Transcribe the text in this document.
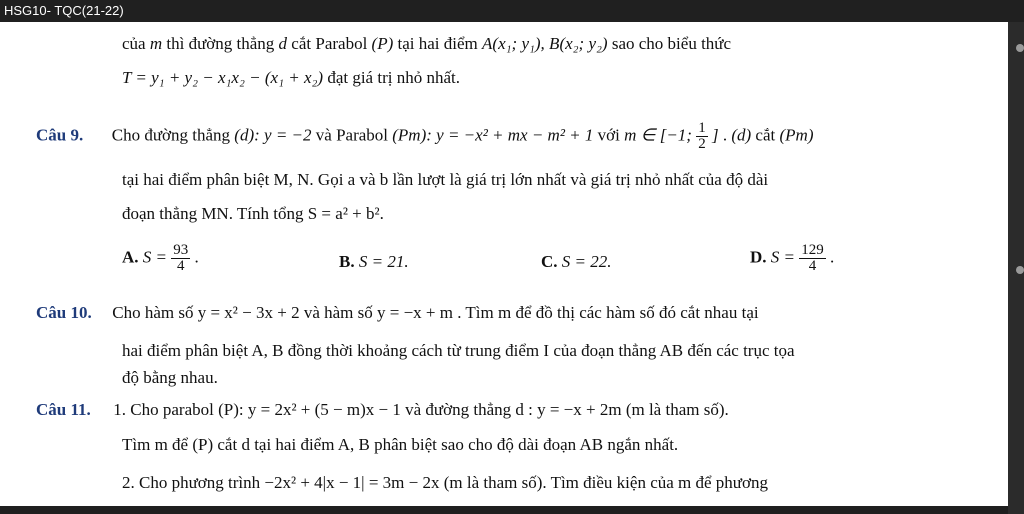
HSG10- TQC(21-22)
của m thì đường thẳng d cắt Parabol (P) tại hai điểm A(x₁; y₁), B(x₂; y₂) sao cho biểu thức
T = y₁ + y₂ − x₁x₂ − (x₁ + x₂) đạt giá trị nhỏ nhất.
Câu 9. Cho đường thẳng (d): y = −2 và Parabol (Pm): y = −x² + mx − m² + 1 với m ∈ [−1; $\frac{1}{2}$ ] . (d) cắt (Pm)
tại hai điểm phân biệt M, N. Gọi a và b lần lượt là giá trị lớn nhất và giá trị nhỏ nhất của độ dài
đoạn thẳng MN. Tính tổng S = a² + b².
A. $S = \frac{93}{4}$ .	B. S = 21.	C. S = 22.	D. $S = \frac{129}{4}$ .
Câu 10. Cho hàm số y = x² − 3x + 2 và hàm số y = −x + m . Tìm m để đồ thị các hàm số đó cắt nhau tại
hai điểm phân biệt A, B đồng thời khoảng cách từ trung điểm I của đoạn thẳng AB đến các trục tọa
độ bằng nhau.
Câu 11. 1. Cho parabol (P): y = 2x² + (5 − m)x − 1 và đường thẳng d : y = −x + 2m (m là tham số).
Tìm m để (P) cắt d tại hai điểm A, B phân biệt sao cho độ dài đoạn AB ngắn nhất.
2. Cho phương trình −2x² + 4|x − 1| = 3m − 2x (m là tham số). Tìm điều kiện của m để phương
